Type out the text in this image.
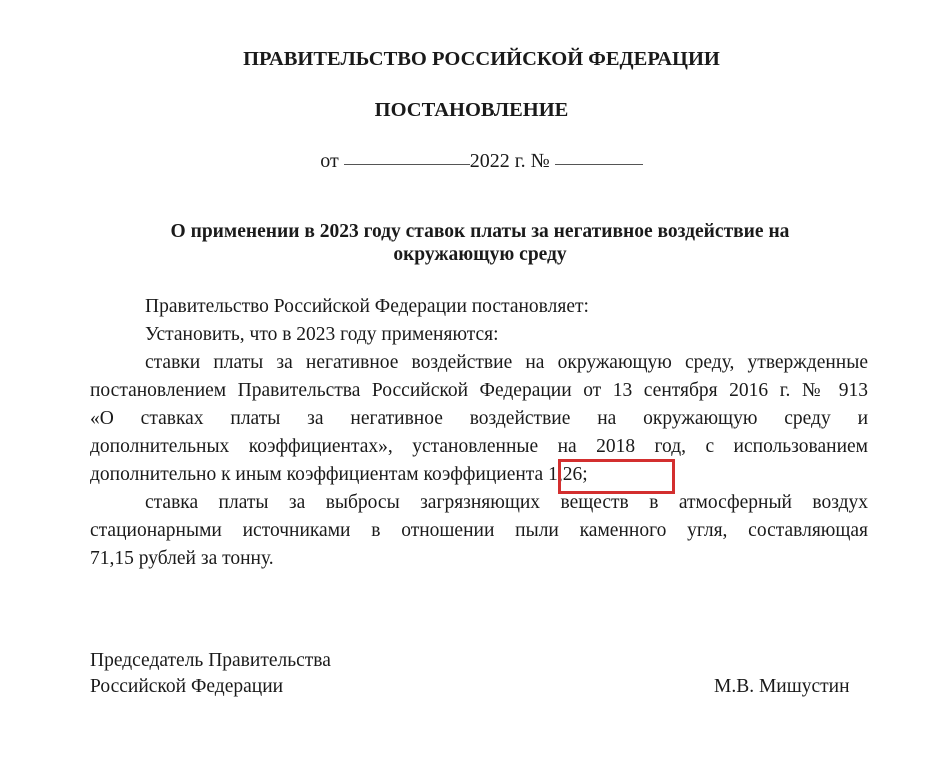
ПРАВИТЕЛЬСТВО РОССИЙСКОЙ ФЕДЕРАЦИИ
ПОСТАНОВЛЕНИЕ
от	2022 г. №
О применении в 2023 году ставок платы за негативное воздействие на
окружающую среду
Правительство Российской Федерации постановляет:
Установить, что в 2023 году применяются:
ставки платы за негативное воздействие на окружающую среду, утвержденные
постановлением Правительства Российской Федерации от 13 сентября 2016 г. № 913
«О ставках платы за негативное воздействие на окружающую среду и
дополнительных коэффициентах», установленные на 2018 год, с использованием
дополнительно к иным коэффициентам коэффициента 1,26;
ставка платы за выбросы загрязняющих веществ в атмосферный воздух
стационарными источниками в отношении пыли каменного угля, составляющая
71,15 рублей за тонну.
Председатель Правительства
Российской Федерации	М.В. Мишустин
